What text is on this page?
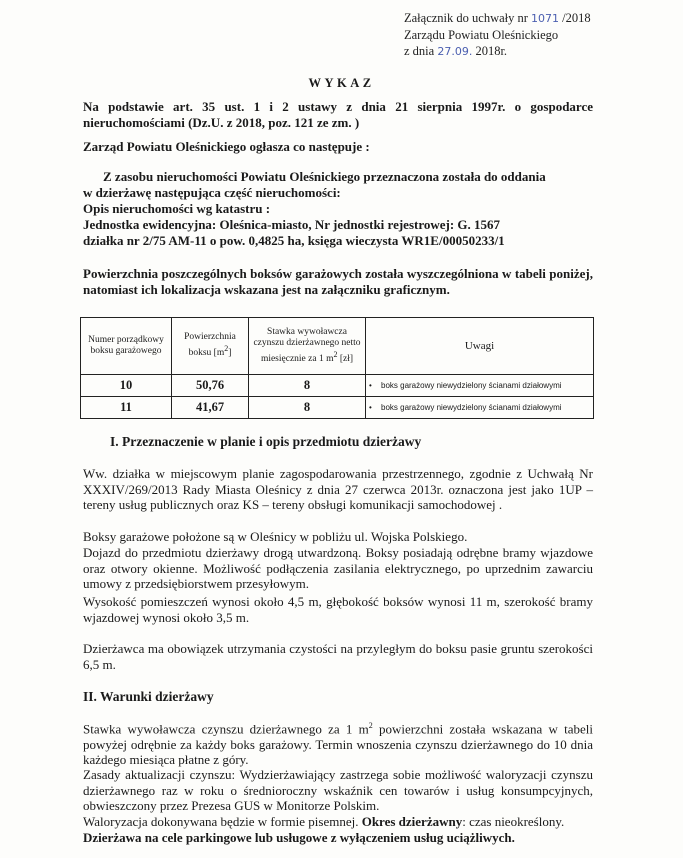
Załącznik do uchwały nr 1071 /2018
Zarządu Powiatu Oleśnickiego
z dnia 27.09. 2018r.
WYKAZ
Na podstawie art. 35 ust. 1 i 2 ustawy z dnia 21 sierpnia 1997r. o gospodarce nieruchomościami (Dz.U. z 2018, poz. 121 ze zm. )
Zarząd Powiatu Oleśnickiego ogłasza co następuje :
Z zasobu nieruchomości Powiatu Oleśnickiego przeznaczona została do oddania
w dzierżawę następująca część nieruchomości:
Opis nieruchomości wg katastru :
Jednostka ewidencyjna: Oleśnica-miasto, Nr jednostki rejestrowej: G. 1567
działka nr 2/75 AM-11 o pow. 0,4825 ha, księga wieczysta WR1E/00050233/1
Powierzchnia poszczególnych boksów garażowych została wyszczególniona w tabeli poniżej, natomiast ich lokalizacja wskazana jest na załączniku graficznym.
Numer porządkowy boksu garażowego	Powierzchnia boksu $[m^2]$	Stawka wywoławcza czynszu dzierżawnego netto miesięcznie za 1 $m^2$ [zł]	Uwagi
10	50,76	8	• boks garażowy niewydzielony ścianami działowymi
11	41,67	8	• boks garażowy niewydzielony ścianami działowymi
I. Przeznaczenie w planie i opis przedmiotu dzierżawy
Ww. działka w miejscowym planie zagospodarowania przestrzennego, zgodnie z Uchwałą Nr XXXIV/269/2013 Rady Miasta Oleśnicy z dnia 27 czerwca 2013r. oznaczona jest jako 1UP – tereny usług publicznych oraz KS – tereny obsługi komunikacji samochodowej .
Boksy garażowe położone są w Oleśnicy w pobliżu ul. Wojska Polskiego.
Dojazd do przedmiotu dzierżawy drogą utwardzoną. Boksy posiadają odrębne bramy wjazdowe oraz otwory okienne. Możliwość podłączenia zasilania elektrycznego, po uprzednim zawarciu umowy z przedsiębiorstwem przesyłowym.
Wysokość pomieszczeń wynosi około 4,5 m, głębokość boksów wynosi 11 m, szerokość bramy wjazdowej wynosi około 3,5 m.
Dzierżawca ma obowiązek utrzymania czystości na przyległym do boksu pasie gruntu szerokości 6,5 m.
II. Warunki dzierżawy
Stawka wywoławcza czynszu dzierżawnego za 1 $m^2$ powierzchni została wskazana w tabeli powyżej odrębnie za każdy boks garażowy. Termin wnoszenia czynszu dzierżawnego do 10 dnia każdego miesiąca płatne z góry.
Zasady aktualizacji czynszu: Wydzierżawiający zastrzega sobie możliwość waloryzacji czynszu dzierżawnego raz w roku o średnioroczny wskaźnik cen towarów i usług konsumpcyjnych, obwieszczony przez Prezesa GUS w Monitorze Polskim.
Waloryzacja dokonywana będzie w formie pisemnej. Okres dzierżawny: czas nieokreślony.
Dzierżawa na cele parkingowe lub usługowe z wyłączeniem usług uciążliwych.
